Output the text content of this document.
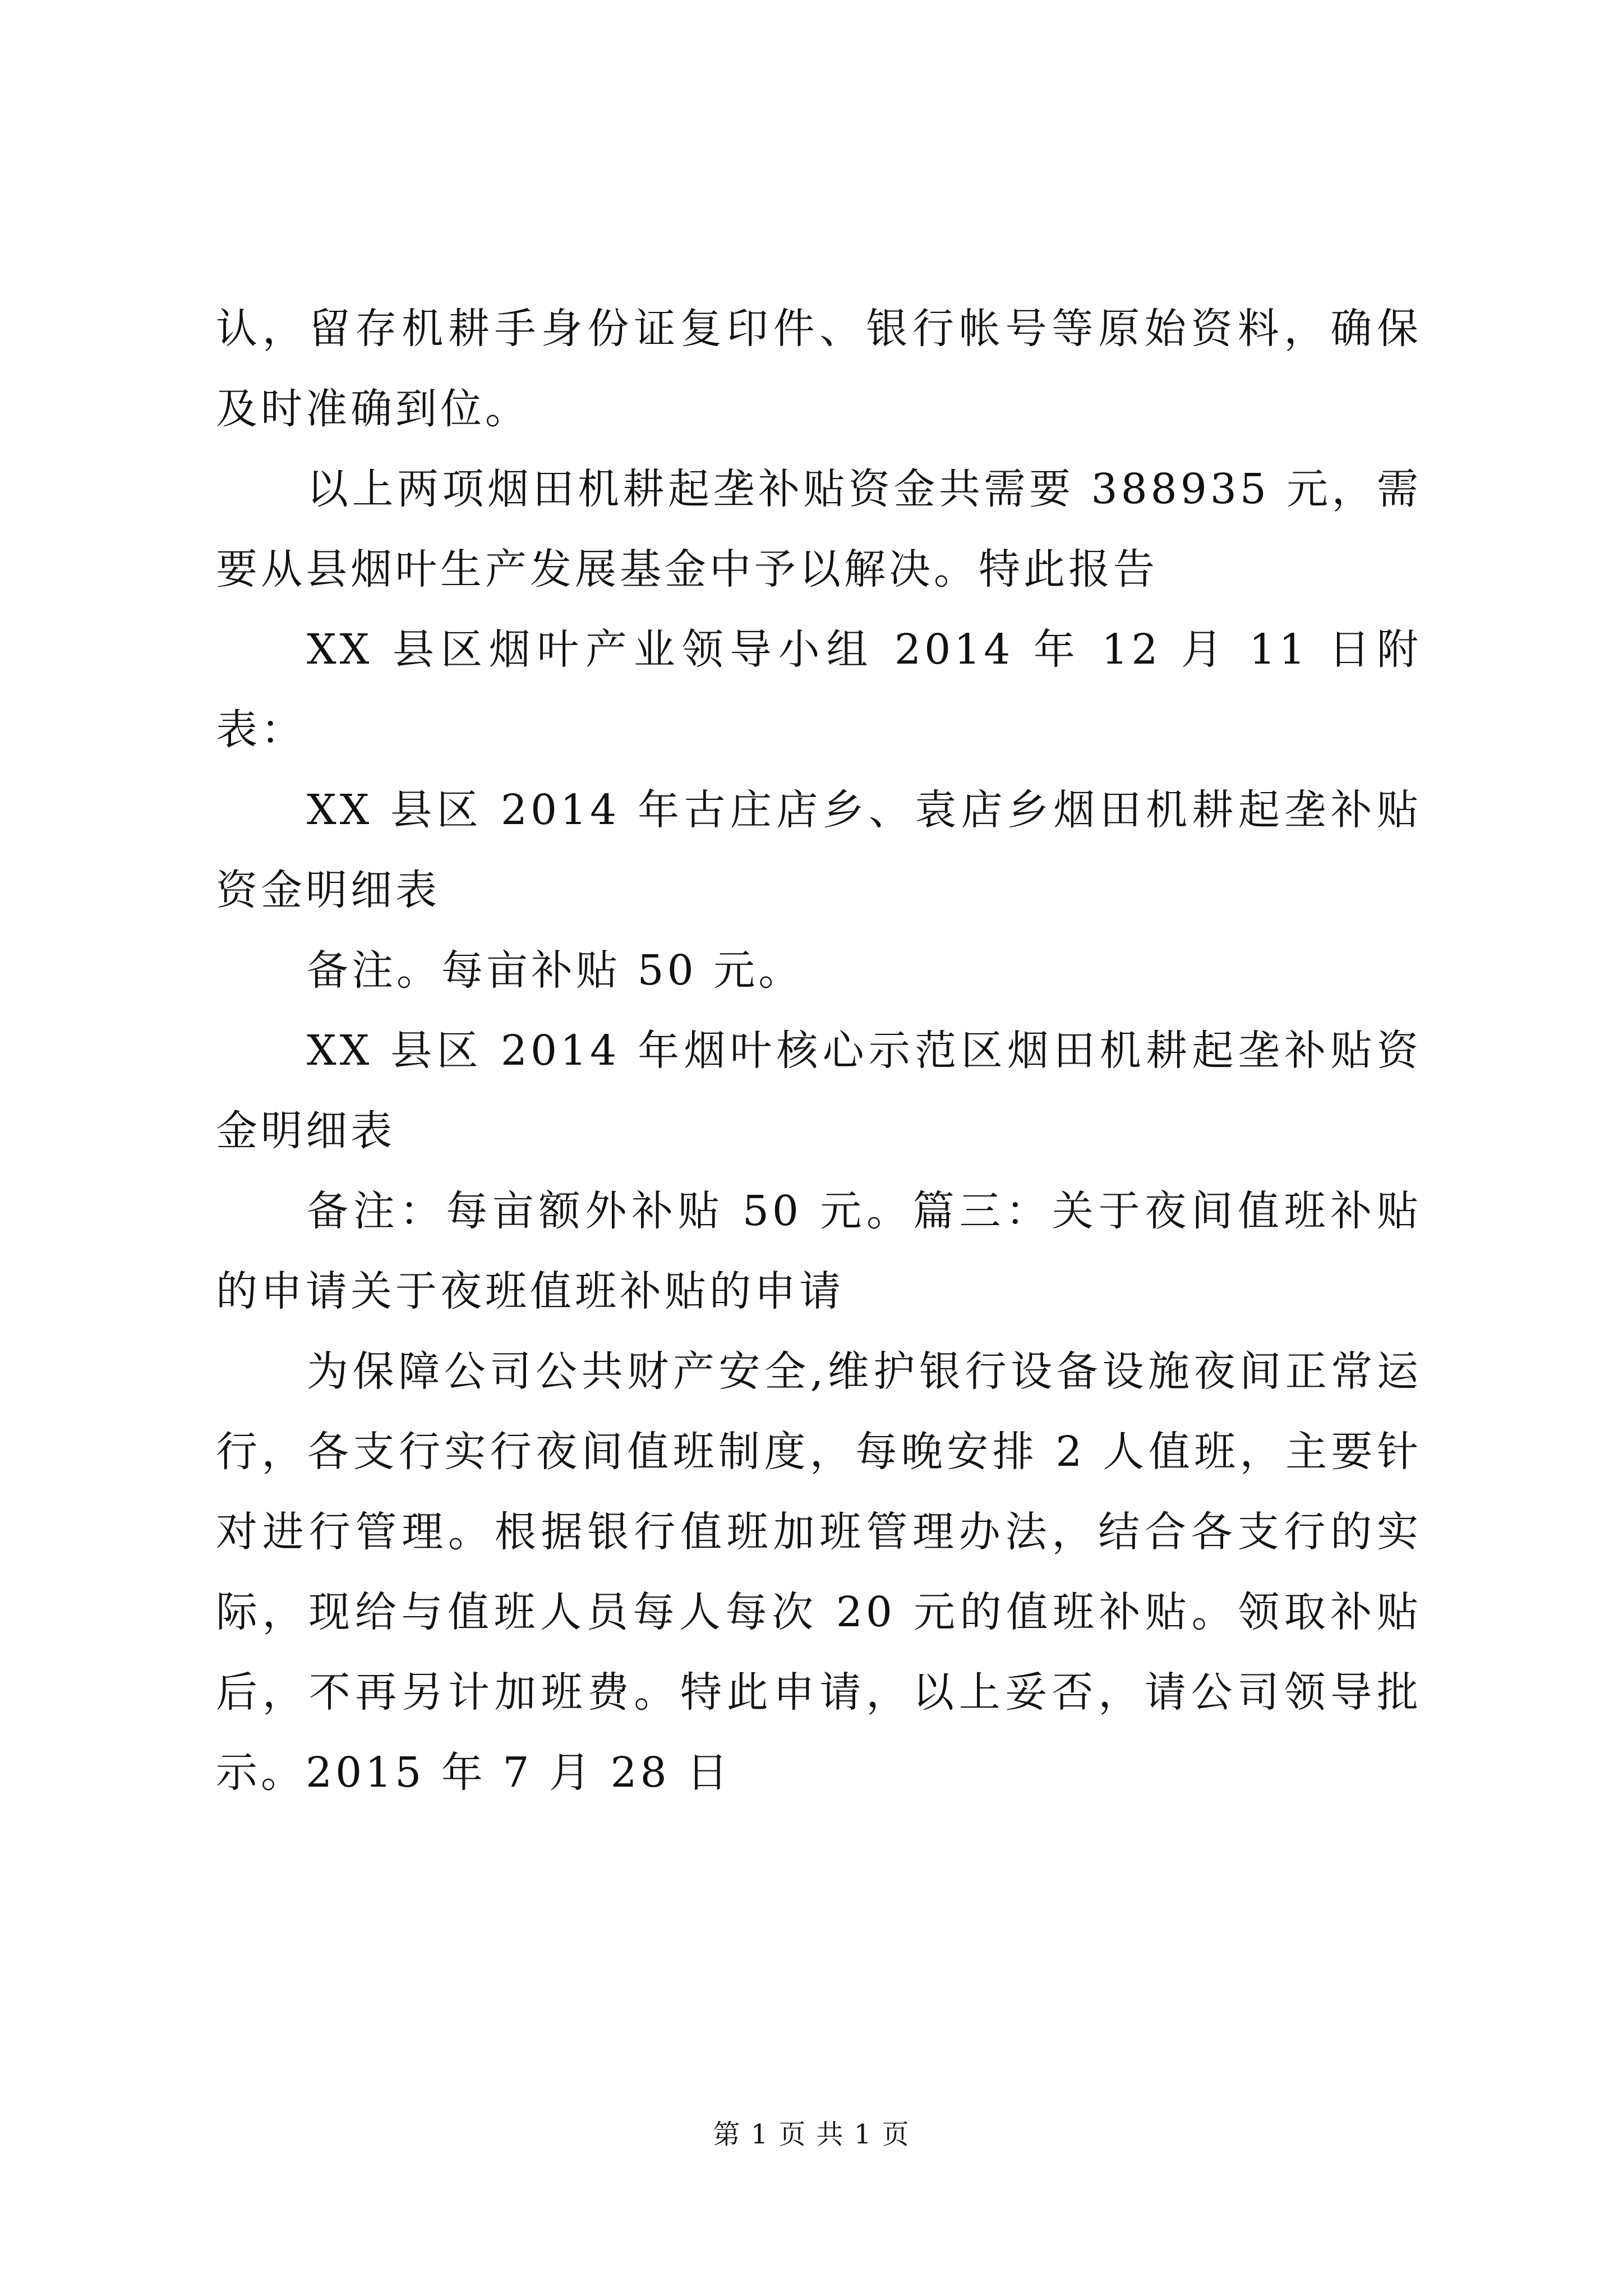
认，留存机耕手身份证复印件、银行帐号等原始资料，确保及时准确到位。

以上两项烟田机耕起垄补贴资金共需要 388935 元，需要从县烟叶生产发展基金中予以解决。特此报告

XX 县区烟叶产业领导小组 2014 年 12 月 11 日附表：

XX 县区 2014 年古庄店乡、袁店乡烟田机耕起垄补贴资金明细表

备注。每亩补贴 50 元。

XX 县区 2014 年烟叶核心示范区烟田机耕起垄补贴资金明细表

备注：每亩额外补贴 50 元。篇三：关于夜间值班补贴的申请关于夜班值班补贴的申请

为保障公司公共财产安全,维护银行设备设施夜间正常运行，各支行实行夜间值班制度，每晚安排 2 人值班，主要针对进行管理。根据银行值班加班管理办法，结合各支行的实际，现给与值班人员每人每次 20 元的值班补贴。领取补贴后，不再另计加班费。特此申请，以上妥否，请公司领导批示。2015 年 7 月 28 日

第 1 页 共 1 页
